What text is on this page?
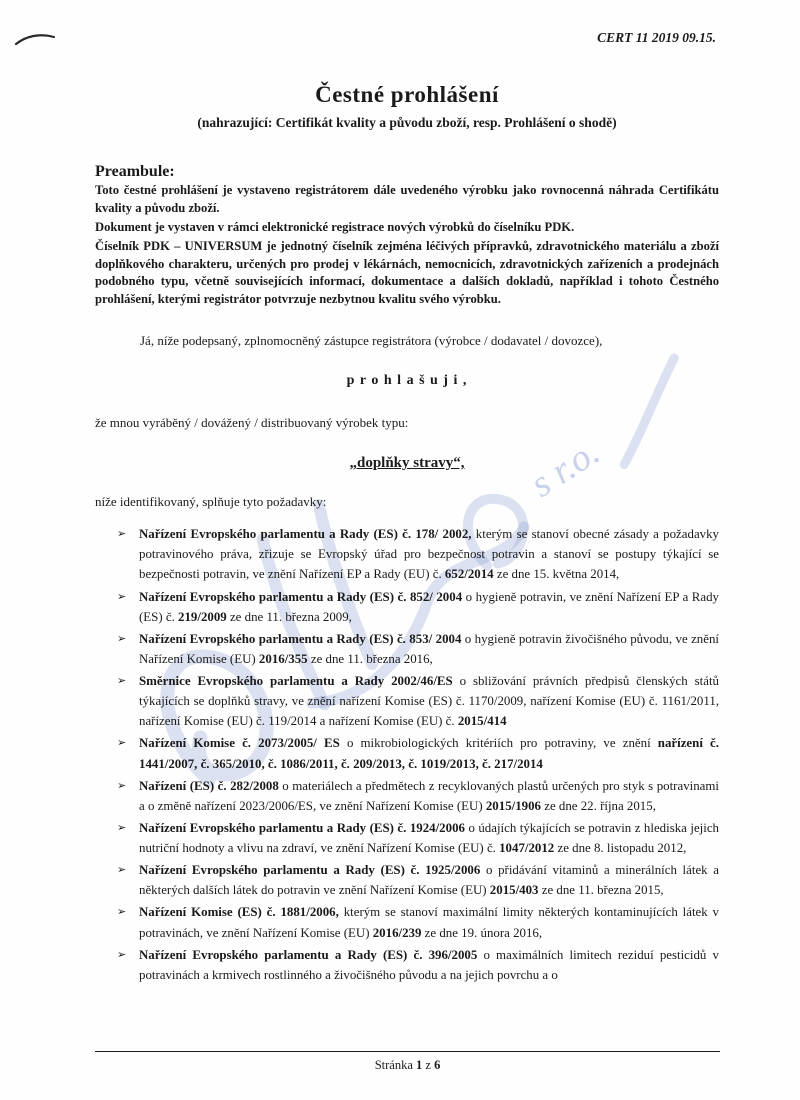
s r.o.
CERT 11 2019 09.15.
Čestné prohlášení
(nahrazující: Certifikát kvality a původu zboží, resp. Prohlášení o shodě)
Preambule:

Toto čestné prohlášení je vystaveno registrátorem dále uvedeného výrobku jako rovnocenná náhrada Certifikátu kvality a původu zboží.

Dokument je vystaven v rámci elektronické registrace nových výrobků do číselníku PDK.

Číselník PDK – UNIVERSUM je jednotný číselník zejména léčivých přípravků, zdravotnického materiálu a zboží doplňkového charakteru, určených pro prodej v lékárnách, nemocnicích, zdravotnických zařízeních a prodejnách podobného typu, včetně souvisejících informací, dokumentace a dalších dokladů, například i tohoto Čestného prohlášení, kterými registrátor potvrzuje nezbytnou kvalitu svého výrobku.

Já, níže podepsaný, zplnomocněný zástupce registrátora (výrobce / dodavatel / dovozce),
p r o h l a š u j i ,
že mnou vyráběný / dovážený / distribuovaný výrobek typu:
„doplňky stravy“,
níže identifikovaný, splňuje tyto požadavky:
➢ Nařízení Evropského parlamentu a Rady (ES) č. 178/ 2002, kterým se stanoví obecné zásady a požadavky potravinového práva, zřizuje se Evropský úřad pro bezpečnost potravin a stanoví se postupy týkající se bezpečnosti potravin, ve znění Nařízení EP a Rady (EU) č. 652/2014 ze dne 15. května 2014,
➢ Nařízení Evropského parlamentu a Rady (ES) č. 852/ 2004 o hygieně potravin, ve znění Nařízení EP a Rady (ES) č. 219/2009 ze dne 11. března 2009,
➢ Nařízení Evropského parlamentu a Rady (ES) č. 853/ 2004 o hygieně potravin živočišného původu, ve znění Nařízení Komise (EU) 2016/355 ze dne 11. března 2016,
➢ Směrnice Evropského parlamentu a Rady 2002/46/ES o sbližování právních předpisů členských států týkajících se doplňků stravy, ve znění nařízení Komise (ES) č. 1170/2009, nařízení Komise (EU) č. 1161/2011, nařízení Komise (EU) č. 119/2014 a nařízení Komise (EU) č. 2015/414
➢ Nařízení Komise č. 2073/2005/ ES o mikrobiologických kritériích pro potraviny, ve znění nařízení č. 1441/2007, č. 365/2010, č. 1086/2011, č. 209/2013, č. 1019/2013, č. 217/2014
➢ Nařízení (ES) č. 282/2008 o materiálech a předmětech z recyklovaných plastů určených pro styk s potravinami a o změně nařízení 2023/2006/ES, ve znění Nařízení Komise (EU) 2015/1906 ze dne 22. října 2015,
➢ Nařízení Evropského parlamentu a Rady (ES) č. 1924/2006 o údajích týkajících se potravin z hlediska jejich nutriční hodnoty a vlivu na zdraví, ve znění Nařízení Komise (EU) č. 1047/2012 ze dne 8. listopadu 2012,
➢ Nařízení Evropského parlamentu a Rady (ES) č. 1925/2006 o přidávání vitaminů a minerálních látek a některých dalších látek do potravin ve znění Nařízení Komise (EU) 2015/403 ze dne 11. března 2015,
➢ Nařízení Komise (ES) č. 1881/2006, kterým se stanoví maximální limity některých kontaminujících látek v potravinách, ve znění Nařízení Komise (EU) 2016/239 ze dne 19. února 2016,
➢ Nařízení Evropského parlamentu a Rady (ES) č. 396/2005 o maximálních limitech reziduí pesticidů v potravinách a krmivech rostlinného a živočišného původu a na jejich povrchu a o
Stránka 1 z 6
